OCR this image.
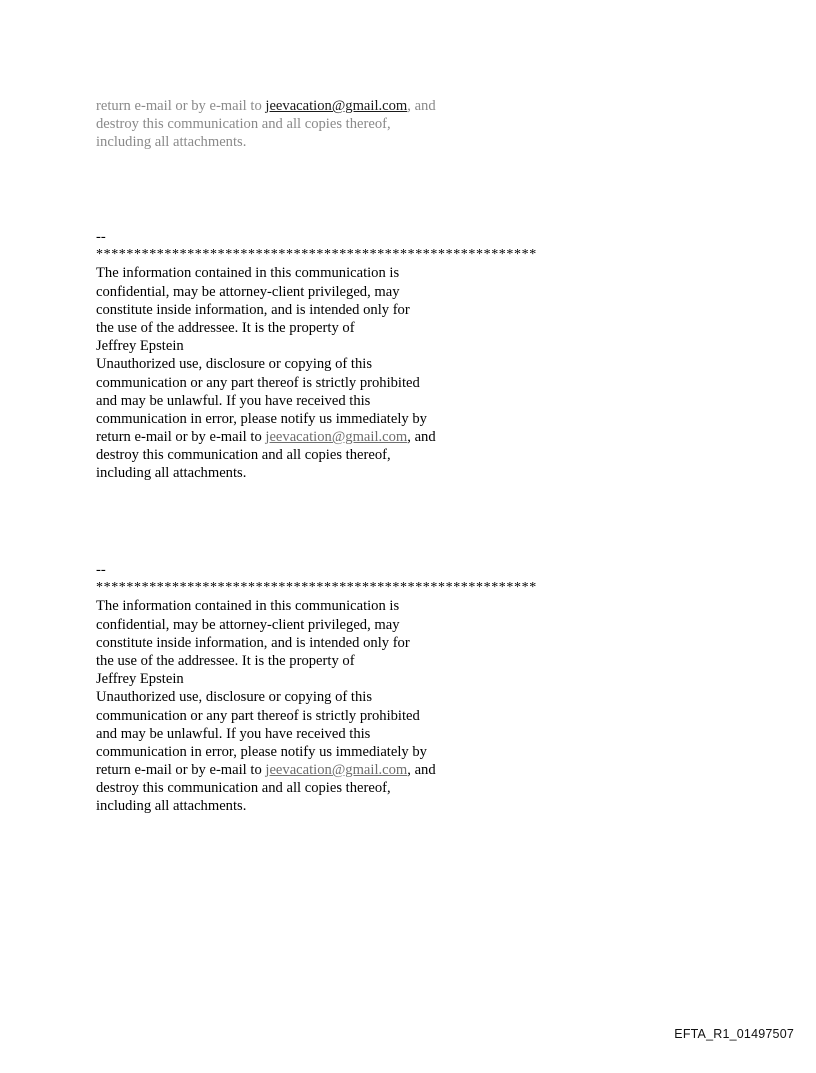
return e-mail or by e-mail to jeevacation@gmail.com, and
destroy this communication and all copies thereof,
including all attachments.
--
**********************************************************
The information contained in this communication is
confidential, may be attorney-client privileged, may
constitute inside information, and is intended only for
the use of the addressee. It is the property of
Jeffrey Epstein
Unauthorized use, disclosure or copying of this
communication or any part thereof is strictly prohibited
and may be unlawful. If you have received this
communication in error, please notify us immediately by
return e-mail or by e-mail to jeevacation@gmail.com, and
destroy this communication and all copies thereof,
including all attachments.
--
**********************************************************
The information contained in this communication is
confidential, may be attorney-client privileged, may
constitute inside information, and is intended only for
the use of the addressee. It is the property of
Jeffrey Epstein
Unauthorized use, disclosure or copying of this
communication or any part thereof is strictly prohibited
and may be unlawful. If you have received this
communication in error, please notify us immediately by
return e-mail or by e-mail to jeevacation@gmail.com, and
destroy this communication and all copies thereof,
including all attachments.
EFTA_R1_01497507
